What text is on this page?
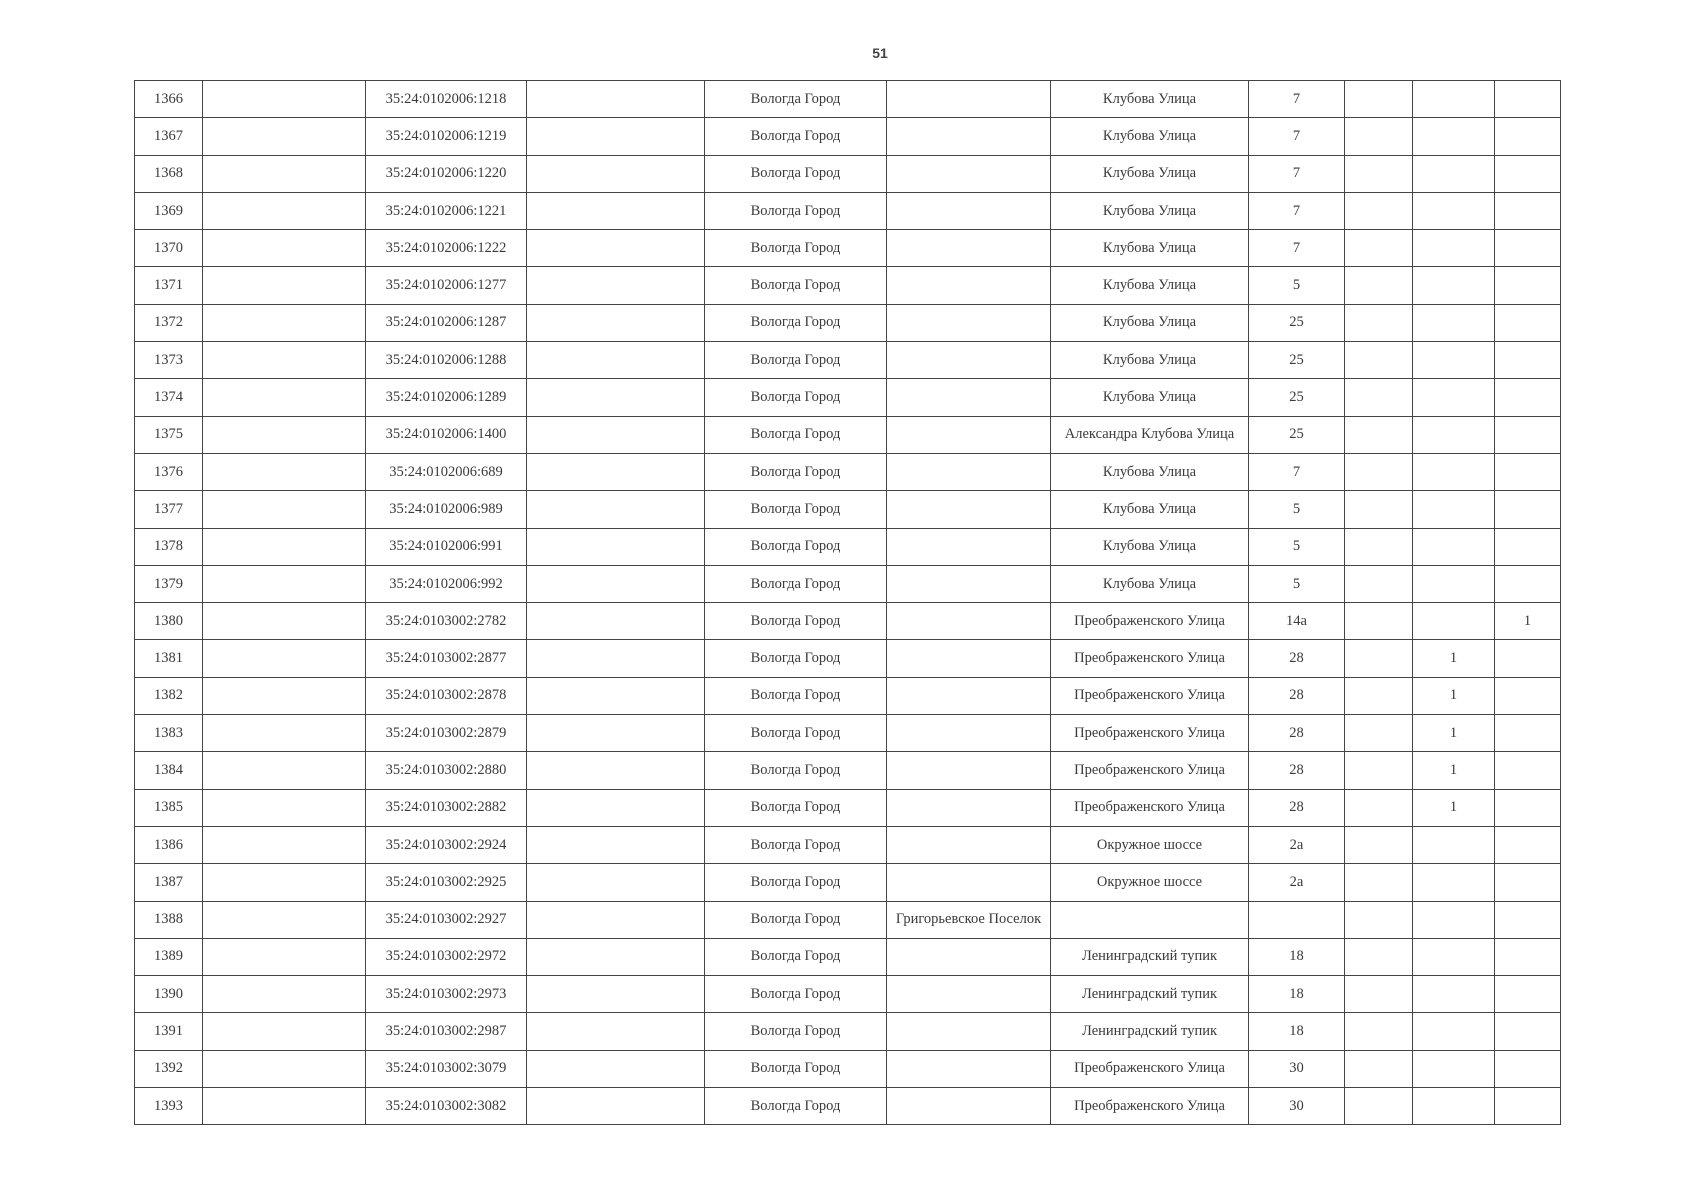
51
1366		35:24:0102006:1218		Вологда Город		Клубова Улица	7			
1367		35:24:0102006:1219		Вологда Город		Клубова Улица	7			
1368		35:24:0102006:1220		Вологда Город		Клубова Улица	7			
1369		35:24:0102006:1221		Вологда Город		Клубова Улица	7			
1370		35:24:0102006:1222		Вологда Город		Клубова Улица	7			
1371		35:24:0102006:1277		Вологда Город		Клубова Улица	5			
1372		35:24:0102006:1287		Вологда Город		Клубова Улица	25			
1373		35:24:0102006:1288		Вологда Город		Клубова Улица	25			
1374		35:24:0102006:1289		Вологда Город		Клубова Улица	25			
1375		35:24:0102006:1400		Вологда Город		Александра Клубова Улица	25			
1376		35:24:0102006:689		Вологда Город		Клубова Улица	7			
1377		35:24:0102006:989		Вологда Город		Клубова Улица	5			
1378		35:24:0102006:991		Вологда Город		Клубова Улица	5			
1379		35:24:0102006:992		Вологда Город		Клубова Улица	5			
1380		35:24:0103002:2782		Вологда Город		Преображенского Улица	14а			1
1381		35:24:0103002:2877		Вологда Город		Преображенского Улица	28		1	
1382		35:24:0103002:2878		Вологда Город		Преображенского Улица	28		1	
1383		35:24:0103002:2879		Вологда Город		Преображенского Улица	28		1	
1384		35:24:0103002:2880		Вологда Город		Преображенского Улица	28		1	
1385		35:24:0103002:2882		Вологда Город		Преображенского Улица	28		1	
1386		35:24:0103002:2924		Вологда Город		Окружное шоссе	2а			
1387		35:24:0103002:2925		Вологда Город		Окружное шоссе	2а			
1388		35:24:0103002:2927		Вологда Город	Григорьевское Поселок					
1389		35:24:0103002:2972		Вологда Город		Ленинградский тупик	18			
1390		35:24:0103002:2973		Вологда Город		Ленинградский тупик	18			
1391		35:24:0103002:2987		Вологда Город		Ленинградский тупик	18			
1392		35:24:0103002:3079		Вологда Город		Преображенского Улица	30			
1393		35:24:0103002:3082		Вологда Город		Преображенского Улица	30			
